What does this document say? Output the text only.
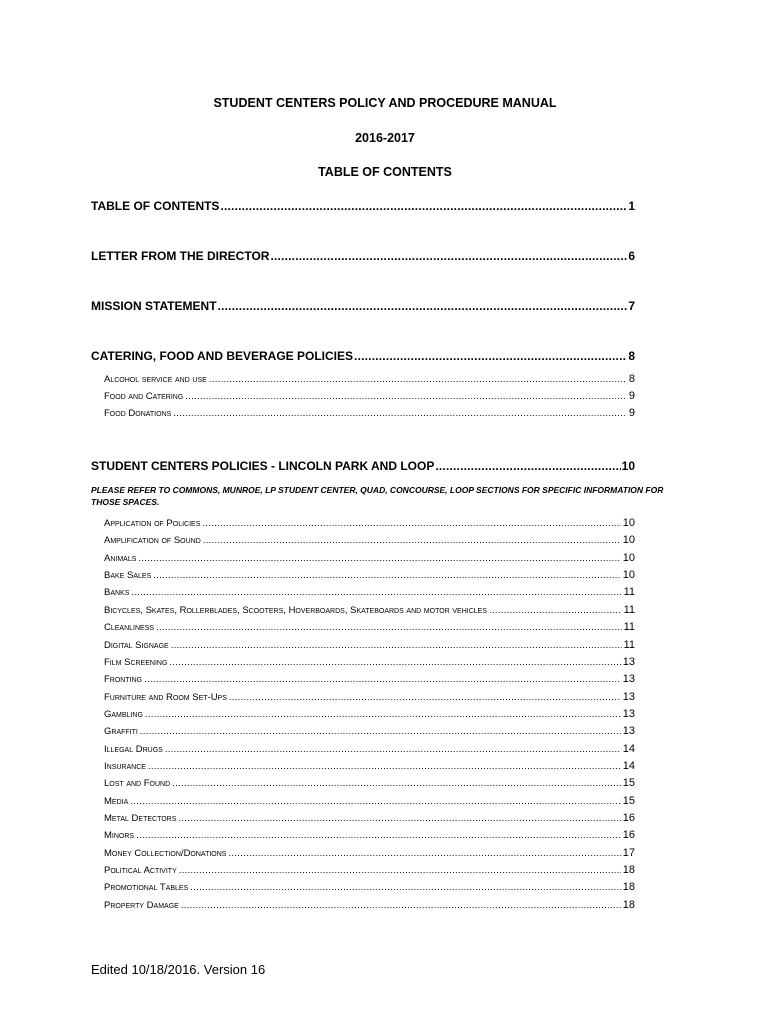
STUDENT CENTERS POLICY AND PROCEDURE MANUAL
2016-2017
TABLE OF CONTENTS
TABLE OF CONTENTS .....	1
LETTER FROM THE DIRECTOR .....	6
MISSION STATEMENT .....	7
CATERING, FOOD AND BEVERAGE POLICIES .....	8
Alcohol service and use .....	8
Food and Catering .....	9
Food Donations .....	9
STUDENT CENTERS POLICIES - LINCOLN PARK AND LOOP .....	10
PLEASE REFER TO COMMONS, MUNROE, LP STUDENT CENTER, QUAD, CONCOURSE, LOOP SECTIONS FOR SPECIFIC INFORMATION FOR THOSE SPACES.
Application of Policies .....	10
Amplification of Sound .....	10
Animals .....	10
Bake Sales .....	10
Banks .....	11
Bicycles, Skates, Rollerblades, Scooters, Hoverboards, Skateboards and motor vehicles .....	11
Cleanliness .....	11
Digital Signage .....	11
Film Screening .....	13
Fronting .....	13
Furniture and Room Set-Ups .....	13
Gambling .....	13
Graffiti .....	13
Illegal Drugs .....	14
Insurance .....	14
Lost and Found .....	15
Media .....	15
Metal Detectors .....	16
Minors .....	16
Money Collection/Donations .....	17
Political Activity .....	18
Promotional Tables .....	18
Property Damage .....	18
Edited 10/18/2016. Version 16
